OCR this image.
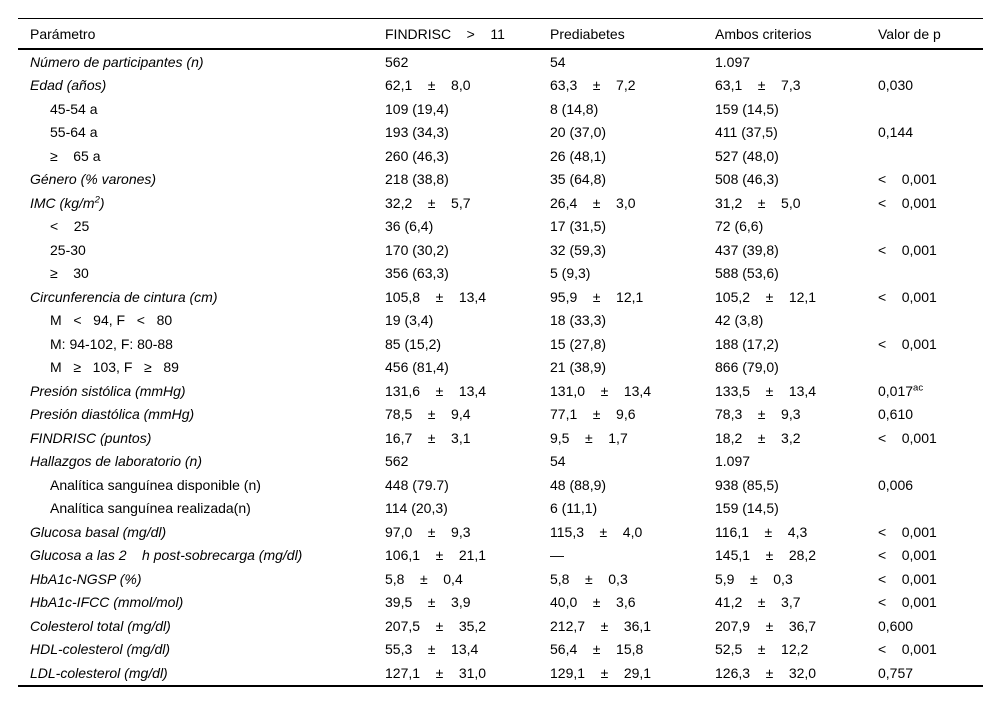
Parámetro	FINDRISC    >    11	Prediabetes	Ambos criterios	Valor de p
Número de participantes (n)	562	54	1.097	
Edad (años)	62,1    ±    8,0	63,3    ±    7,2	63,1    ±    7,3	0,030
45-54 a	109 (19,4)	8 (14,8)	159 (14,5)	
55-64 a	193 (34,3)	20 (37,0)	411 (37,5)	0,144
≥    65 a	260 (46,3)	26 (48,1)	527 (48,0)	
Género (% varones)	218 (38,8)	35 (64,8)	508 (46,3)	<    0,001
IMC $(kg/m^2)$	32,2    ±    5,7	26,4    ±    3,0	31,2    ±    5,0	<    0,001
<    25	36 (6,4)	17 (31,5)	72 (6,6)	
25-30	170 (30,2)	32 (59,3)	437 (39,8)	<    0,001
≥    30	356 (63,3)	5 (9,3)	588 (53,6)	
Circunferencia de cintura (cm)	105,8    ±    13,4	95,9    ±    12,1	105,2    ±    12,1	<    0,001
M   <   94, F   <   80	19 (3,4)	18 (33,3)	42 (3,8)	
M: 94-102, F: 80-88	85 (15,2)	15 (27,8)	188 (17,2)	<    0,001
M   ≥   103, F   ≥   89	456 (81,4)	21 (38,9)	866 (79,0)	
Presión sistólica (mmHg)	131,6    ±    13,4	131,0    ±    13,4	133,5    ±    13,4	0,017$^{ac}$
Presión diastólica (mmHg)	78,5    ±    9,4	77,1    ±    9,6	78,3    ±    9,3	0,610
FINDRISC (puntos)	16,7    ±    3,1	9,5    ±    1,7	18,2    ±    3,2	<    0,001
Hallazgos de laboratorio (n)	562	54	1.097	
Analítica sanguínea disponible (n)	448 (79.7)	48 (88,9)	938 (85,5)	0,006
Analítica sanguínea realizada(n)	114 (20,3)	6 (11,1)	159 (14,5)	
Glucosa basal (mg/dl)	97,0    ±    9,3	115,3    ±    4,0	116,1    ±    4,3	<    0,001
Glucosa a las 2    h post-sobrecarga (mg/dl)	106,1    ±    21,1	—	145,1    ±    28,2	<    0,001
HbA1c-NGSP (%)	5,8    ±    0,4	5,8    ±    0,3	5,9    ±    0,3	<    0,001
HbA1c-IFCC (mmol/mol)	39,5    ±    3,9	40,0    ±    3,6	41,2    ±    3,7	<    0,001
Colesterol total (mg/dl)	207,5    ±    35,2	212,7    ±    36,1	207,9    ±    36,7	0,600
HDL-colesterol (mg/dl)	55,3    ±    13,4	56,4    ±    15,8	52,5    ±    12,2	<    0,001
LDL-colesterol (mg/dl)	127,1    ±    31,0	129,1    ±    29,1	126,3    ±    32,0	0,757
